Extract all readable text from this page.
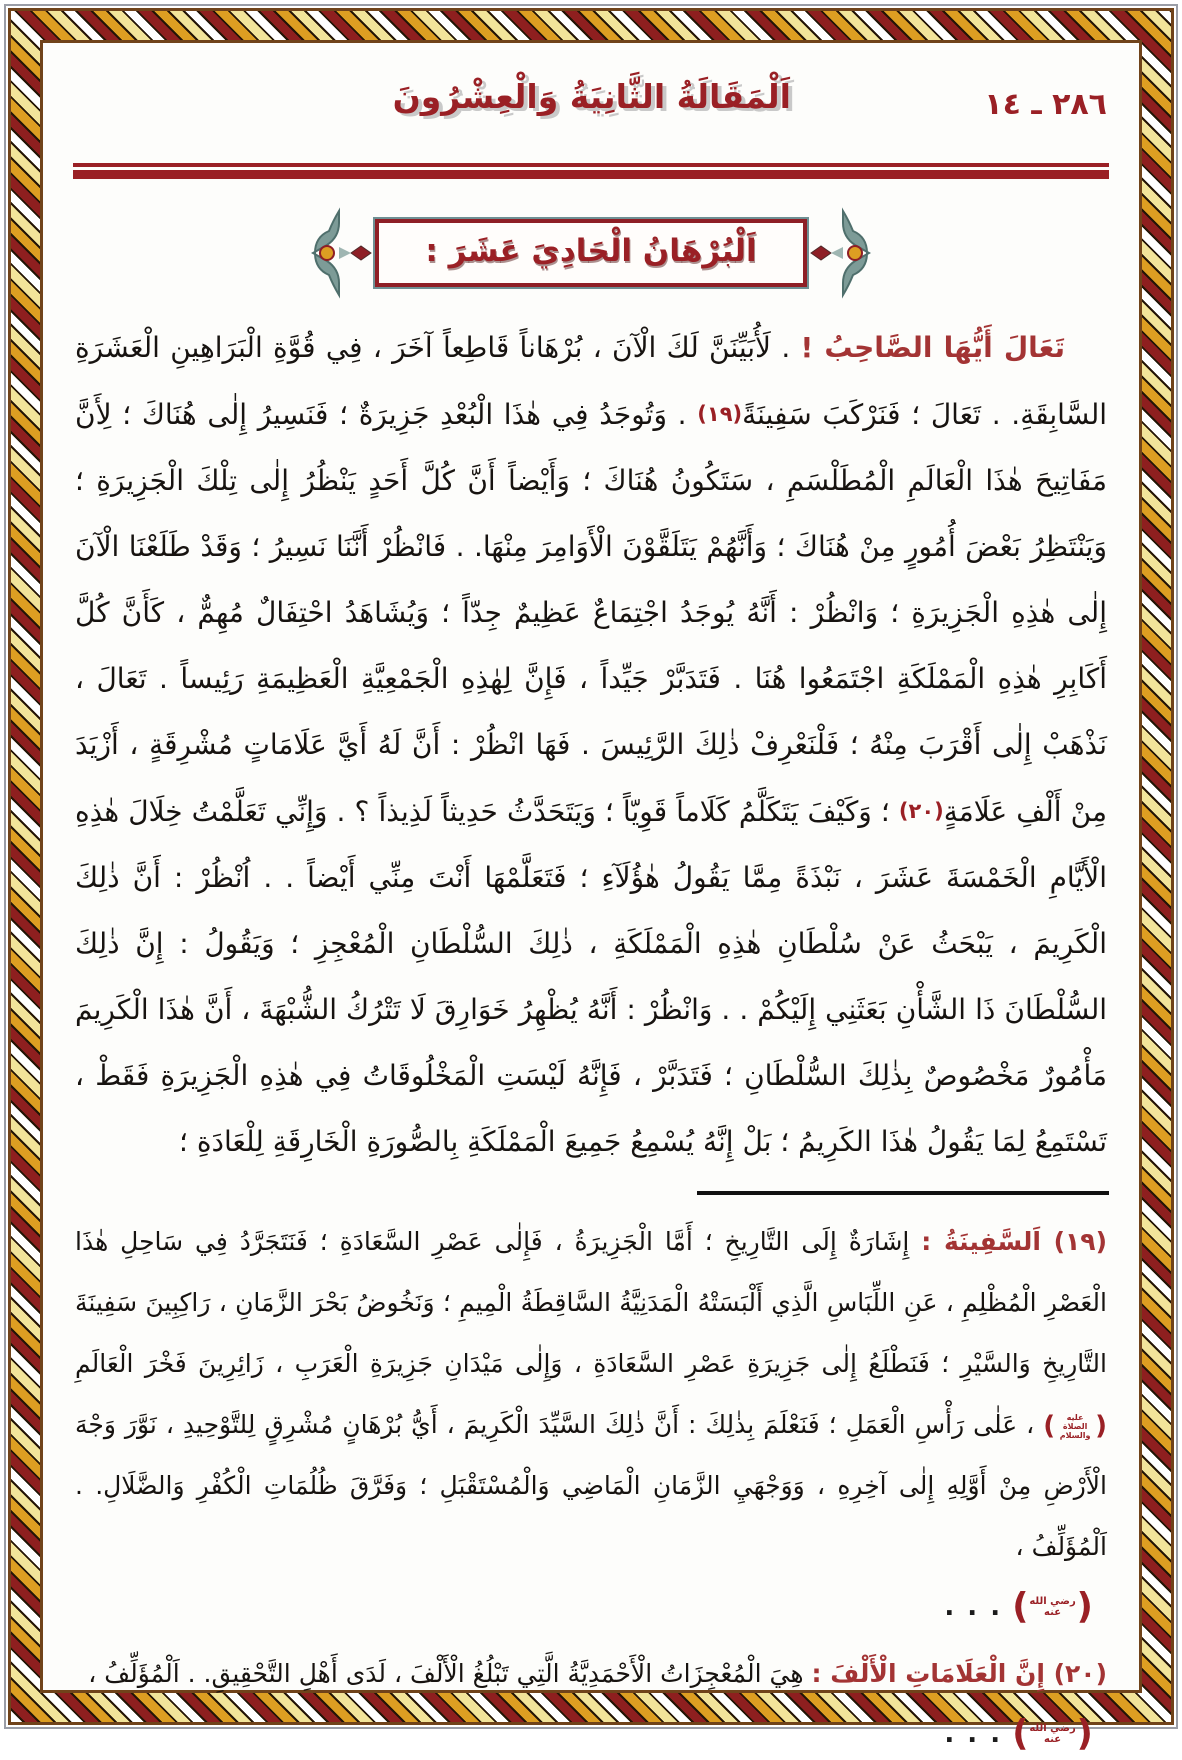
اَلْمَقَالَةُ الثَّانِيَةُ وَالْعِشْرُونَ	٢٨٦ ـ ١٤
اَلْبُرْهَانُ الْحَادِيَ عَشَرَ :

تَعَالَ أَيُّهَا الصَّاحِبُ ! . لَأُبَيِّنَنَّ لَكَ الْآنَ ، بُرْهَاناً قَاطِعاً آخَرَ ، فِي قُوَّةِ الْبَرَاهِينِ الْعَشَرَةِ السَّابِقَةِ. . تَعَالَ ؛ فَنَرْكَبَ سَفِينَةً(١٩) . وَتُوجَدُ فِي هٰذَا الْبُعْدِ جَزِيرَةٌ ؛ فَنَسِيرُ إِلٰى هُنَاكَ ؛ لِأَنَّ مَفَاتِيحَ هٰذَا الْعَالَمِ الْمُطَلْسَمِ ، سَتَكُونُ هُنَاكَ ؛ وَأَيْضاً أَنَّ كُلَّ أَحَدٍ يَنْظُرُ إِلٰى تِلْكَ الْجَزِيرَةِ ؛ وَيَنْتَظِرُ بَعْضَ أُمُورٍ مِنْ هُنَاكَ ؛ وَأَنَّهُمْ يَتَلَقَّوْنَ الْأَوَامِرَ مِنْهَا. . فَانْظُرْ أَنَّنَا نَسِيرُ ؛ وَقَدْ طَلَعْنَا الْآنَ إِلٰى هٰذِهِ الْجَزِيرَةِ ؛ وَانْظُرْ : أَنَّهُ يُوجَدُ اجْتِمَاعٌ عَظِيمٌ جِدّاً ؛ وَيُشَاهَدُ احْتِفَالٌ مُهِمٌّ ، كَأَنَّ كُلَّ أَكَابِرِ هٰذِهِ الْمَمْلَكَةِ اجْتَمَعُوا هُنَا . فَتَدَبَّرْ جَيِّداً ، فَإِنَّ لِهٰذِهِ الْجَمْعِيَّةِ الْعَظِيمَةِ رَئِيساً . تَعَالَ ، نَذْهَبْ إِلٰى أَقْرَبَ مِنْهُ ؛ فَلْنَعْرِفْ ذٰلِكَ الرَّئِيسَ . فَهَا انْظُرْ : أَنَّ لَهُ أَيَّ عَلَامَاتٍ مُشْرِقَةٍ ، أَزْيَدَ مِنْ أَلْفِ عَلَامَةٍ(٢٠) ؛ وَكَيْفَ يَتَكَلَّمُ كَلَاماً قَوِيّاً ؛ وَيَتَحَدَّثُ حَدِيثاً لَذِيذاً ؟ . وَإِنِّي تَعَلَّمْتُ خِلَالَ هٰذِهِ الْأَيَّامِ الْخَمْسَةَ عَشَرَ ، نَبْذَةً مِمَّا يَقُولُ هٰؤُلَآءِ ؛ فَتَعَلَّمْهَا أَنْتَ مِنِّي أَيْضاً . . اُنْظُرْ : أَنَّ ذٰلِكَ الْكَرِيمَ ، يَبْحَثُ عَنْ سُلْطَانِ هٰذِهِ الْمَمْلَكَةِ ، ذٰلِكَ السُّلْطَانِ الْمُعْجِزِ ؛ وَيَقُولُ : إِنَّ ذٰلِكَ السُّلْطَانَ ذَا الشَّأْنِ بَعَثَنِي إِلَيْكُمْ . . وَانْظُرْ : أَنَّهُ يُظْهِرُ خَوَارِقَ لَا تَتْرُكُ الشُّبْهَةَ ، أَنَّ هٰذَا الْكَرِيمَ مَأْمُورٌ مَخْصُوصٌ بِذٰلِكَ السُّلْطَانِ ؛ فَتَدَبَّرْ ، فَإِنَّهُ لَيْسَتِ الْمَخْلُوقَاتُ فِي هٰذِهِ الْجَزِيرَةِ فَقَطْ ، تَسْتَمِعُ لِمَا يَقُولُ هٰذَا الكَرِيمُ ؛ بَلْ إِنَّهُ يُسْمِعُ جَمِيعَ الْمَمْلَكَةِ بِالصُّورَةِ الْخَارِقَةِ لِلْعَادَةِ ؛

(١٩) اَلسَّفِينَةُ : إِشَارَةٌ إِلَى التَّارِيخِ ؛ أَمَّا الْجَزِيرَةُ ، فَإِلٰى عَصْرِ السَّعَادَةِ ؛ فَنَتَجَرَّدُ فِي سَاحِلِ هٰذَا الْعَصْرِ الْمُظْلِمِ ، عَنِ اللِّبَاسِ الَّذِي أَلْبَسَتْهُ الْمَدَنِيَّةُ السَّاقِطَةُ الْمِيمِ ؛ وَنَخُوضُ بَحْرَ الزَّمَانِ ، رَاكِبِينَ سَفِينَةَ التَّارِيخِ وَالسَّيْرِ ؛ فَنَطْلَعُ إِلٰى جَزِيرَةِ عَصْرِ السَّعَادَةِ ، وَإِلٰى مَيْدَانِ جَزِيرَةِ الْعَرَبِ ، زَائِرِينَ فَخْرَ الْعَالَمِ
(	عليه الصلاة والسلام )
، عَلٰى رَأْسِ الْعَمَلِ ؛ فَنَعْلَمَ بِذٰلِكَ : أَنَّ ذٰلِكَ السَّيِّدَ الْكَرِيمَ ، أَيُّ بُرْهَانٍ مُشْرِقٍ لِلتَّوْحِيدِ ، نَوَّرَ وَجْهَ الْأَرْضِ مِنْ أَوَّلِهِ إِلٰى آخِرِهِ ، وَوَجْهَيِ الزَّمَانِ الْمَاضِي وَالْمُسْتَقْبَلِ ؛ وَفَرَّقَ ظُلُمَاتِ الْكُفْرِ وَالضَّلَالِ. . اَلْمُؤَلِّفُ ،

( رضي الله عنه )
. . .

(٢٠) إِنَّ الْعَلَامَاتِ الْأَلْفَ : هِيَ الْمُعْجِزَاتُ الْأَحْمَدِيَّةُ الَّتِي تَبْلُغُ الْأَلْفَ ، لَدَى أَهْلِ التَّحْقِيقِ. . اَلْمُؤَلِّفُ ،

( رضي الله عنه )
. . .
